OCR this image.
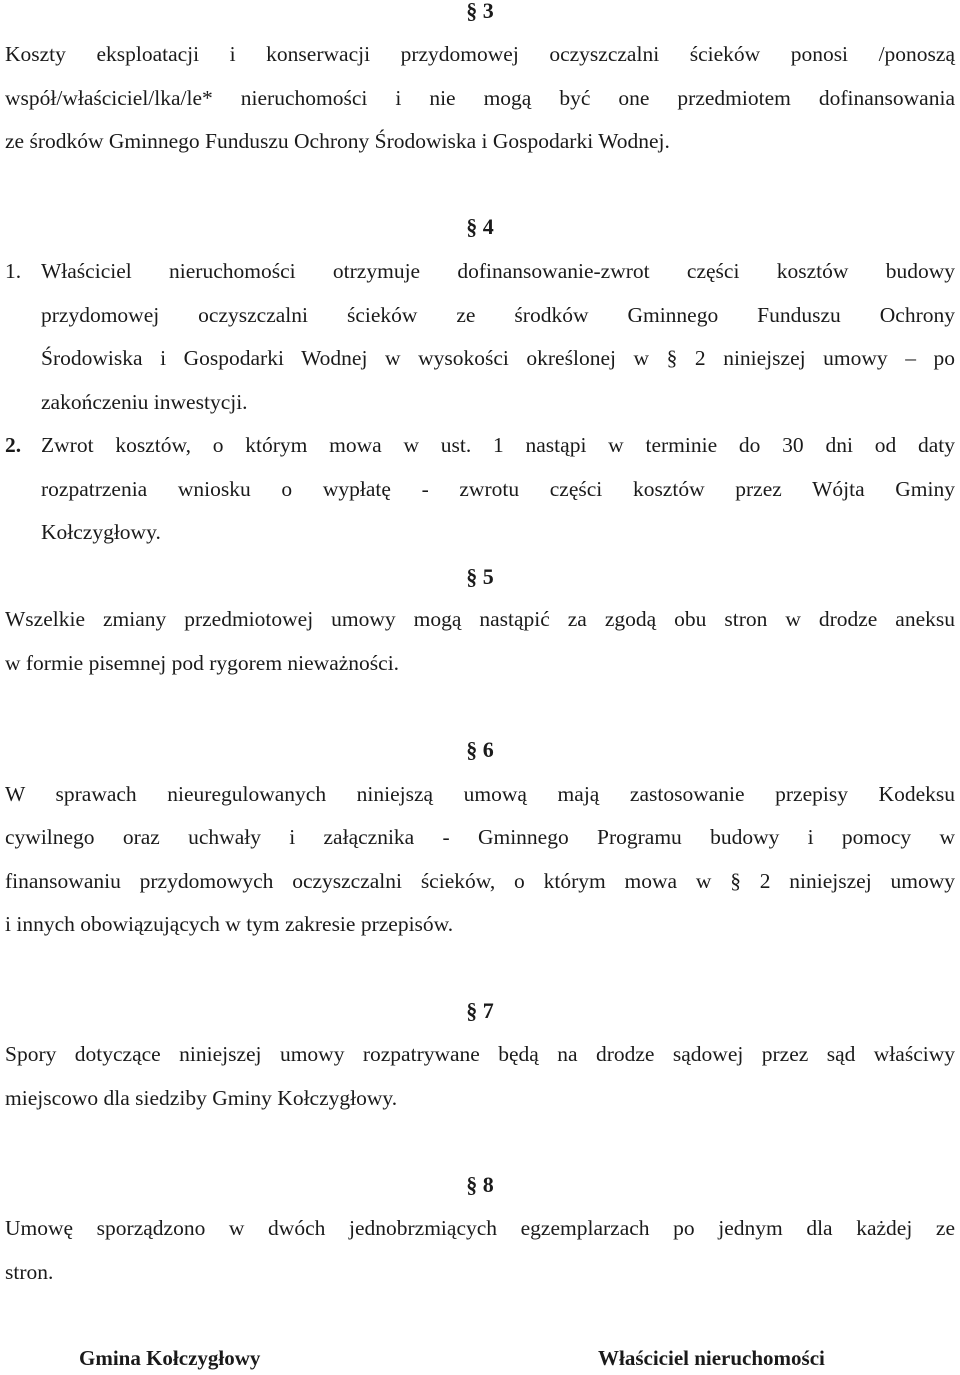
§ 3
Koszty eksploatacji i konserwacji przydomowej oczyszczalni ścieków ponosi /ponoszą
współ/właściciel/lka/le* nieruchomości i nie mogą być one przedmiotem dofinansowania
ze środków Gminnego Funduszu Ochrony Środowiska i Gospodarki Wodnej.
§ 4
1. Właściciel nieruchomości otrzymuje dofinansowanie-zwrot części kosztów budowy
przydomowej oczyszczalni ścieków ze środków Gminnego Funduszu Ochrony
Środowiska i Gospodarki Wodnej w wysokości określonej w § 2 niniejszej umowy – po
zakończeniu inwestycji.
2. Zwrot kosztów, o którym mowa w ust. 1 nastąpi w terminie do 30 dni od daty
rozpatrzenia wniosku o wypłatę - zwrotu części kosztów przez Wójta Gminy
Kołczygłowy.
§ 5
Wszelkie zmiany przedmiotowej umowy mogą nastąpić za zgodą obu stron w drodze aneksu
w formie pisemnej pod rygorem nieważności.
§ 6
W sprawach nieuregulowanych niniejszą umową mają zastosowanie przepisy Kodeksu
cywilnego oraz uchwały i załącznika - Gminnego Programu budowy i pomocy w
finansowaniu przydomowych oczyszczalni ścieków, o którym mowa w § 2 niniejszej umowy
i innych obowiązujących w tym zakresie przepisów.
§ 7
Spory dotyczące niniejszej umowy rozpatrywane będą na drodze sądowej przez sąd właściwy
miejscowo dla siedziby Gminy Kołczygłowy.
§ 8
Umowę sporządzono w dwóch jednobrzmiących egzemplarzach po jednym dla każdej ze
stron.
Gmina Kołczygłowy	Właściciel nieruchomości
